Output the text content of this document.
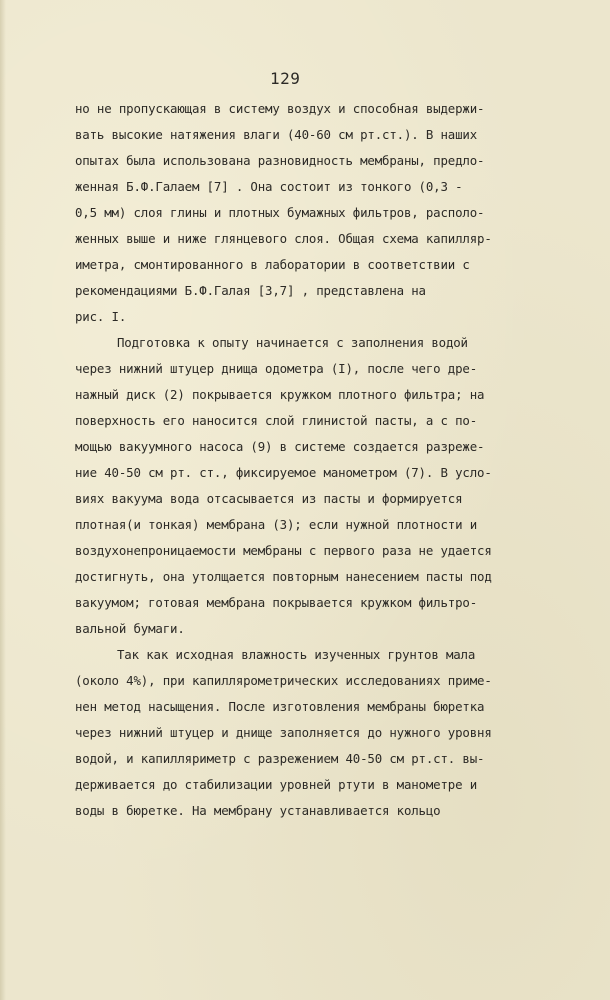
129
но не пропускающая в систему воздух и способная выдержи-
вать высокие натяжения влаги (40-60 см рт.ст.). В наших
опытах была использована разновидность мембраны, предло-
женная Б.Ф.Галаем [7] . Она состоит из тонкого (0,3 -
0,5 мм) слоя глины и плотных бумажных фильтров, располо-
женных выше и ниже глянцевого слоя. Общая схема капилляр-
иметра, смонтированного в лаборатории в соответствии с
рекомендациями Б.Ф.Галая [3,7] , представлена на
рис. I.
Подготовка к опыту начинается с заполнения водой
через нижний штуцер днища одометра (I), после чего дре-
нажный диск (2) покрывается кружком плотного фильтра; на
поверхность его наносится слой глинистой пасты, а с по-
мощью вакуумного насоса (9) в системе создается разреже-
ние 40-50 см рт. ст., фиксируемое манометром (7). В усло-
виях вакуума вода отсасывается из пасты и формируется
плотная(и тонкая) мембрана (3); если нужной плотности и
воздухонепроницаемости мембраны с первого раза не удается
достигнуть, она утолщается повторным нанесением пасты под
вакуумом; готовая мембрана покрывается кружком фильтро-
вальной бумаги.
Так как исходная влажность изученных грунтов мала
(около 4%), при капиллярометрических исследованиях приме-
нен метод насыщения. После изготовления мембраны бюретка
через нижний штуцер и днище заполняется до нужного уровня
водой, и капилляриметр с разрежением 40-50 см рт.ст. вы-
держивается до стабилизации уровней ртути в манометре и
воды в бюретке. На мембрану устанавливается кольцо
